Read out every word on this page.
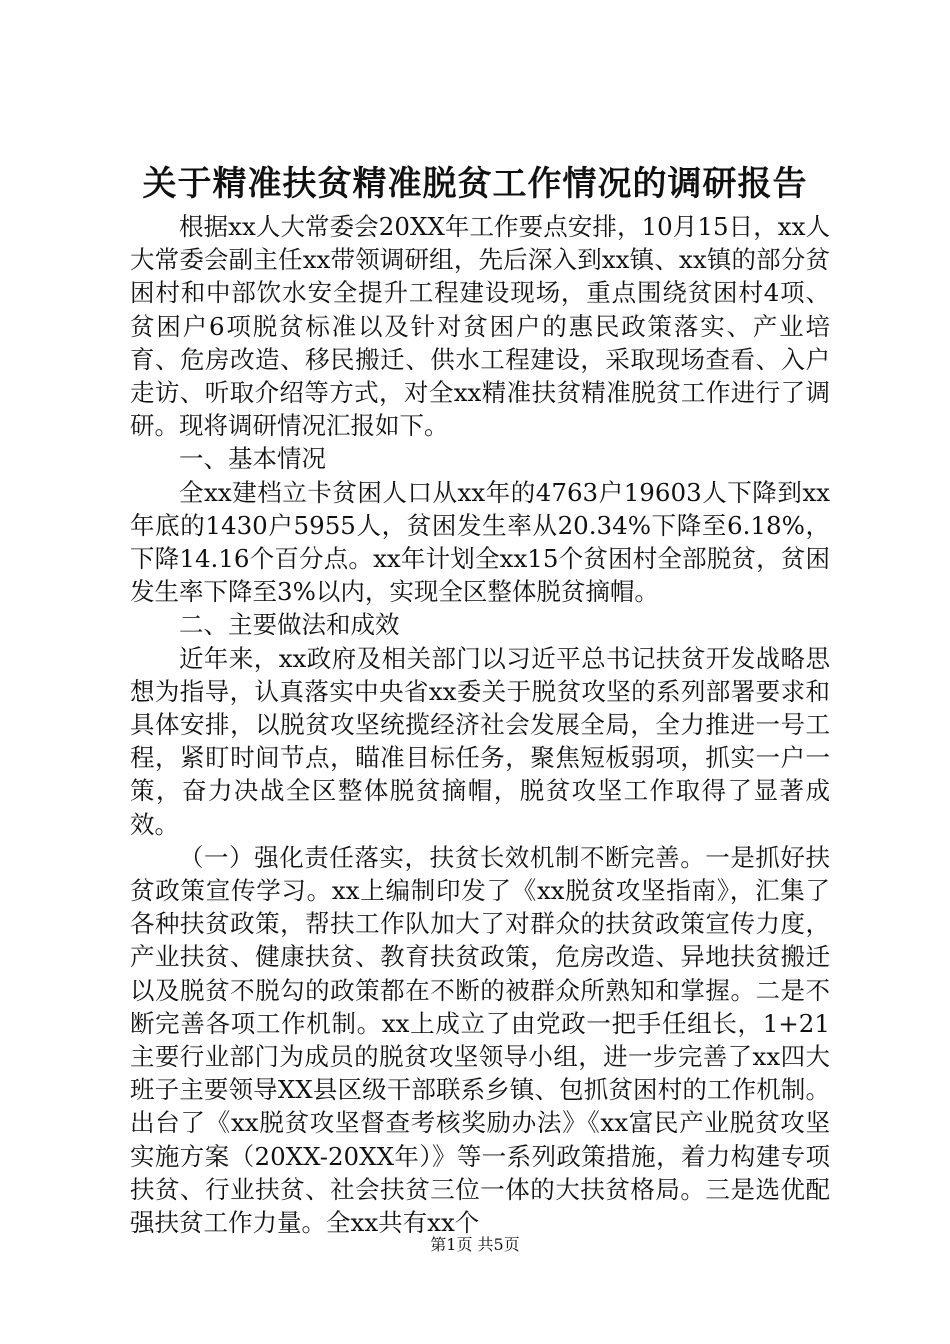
关于精准扶贫精准脱贫工作情况的调研报告

根据xx人大常委会20XX年工作要点安排，10月15日，xx人大常委会副主任xx带领调研组，先后深入到xx镇、xx镇的部分贫困村和中部饮水安全提升工程建设现场，重点围绕贫困村4项、贫困户6项脱贫标准以及针对贫困户的惠民政策落实、产业培育、危房改造、移民搬迁、供水工程建设，采取现场查看、入户走访、听取介绍等方式，对全xx精准扶贫精准脱贫工作进行了调研。现将调研情况汇报如下。

一、基本情况

全xx建档立卡贫困人口从xx年的4763户19603人下降到xx年底的1430户5955人，贫困发生率从20.34%下降至6.18%，下降14.16个百分点。xx年计划全xx15个贫困村全部脱贫，贫困发生率下降至3%以内，实现全区整体脱贫摘帽。

二、主要做法和成效

近年来，xx政府及相关部门以习近平总书记扶贫开发战略思想为指导，认真落实中央省xx委关于脱贫攻坚的系列部署要求和具体安排，以脱贫攻坚统揽经济社会发展全局，全力推进一号工程，紧盯时间节点，瞄准目标任务，聚焦短板弱项，抓实一户一策，奋力决战全区整体脱贫摘帽，脱贫攻坚工作取得了显著成效。

（一）强化责任落实，扶贫长效机制不断完善。一是抓好扶贫政策宣传学习。xx上编制印发了《xx脱贫攻坚指南》，汇集了各种扶贫政策，帮扶工作队加大了对群众的扶贫政策宣传力度，产业扶贫、健康扶贫、教育扶贫政策，危房改造、异地扶贫搬迁以及脱贫不脱勾的政策都在不断的被群众所熟知和掌握。二是不断完善各项工作机制。xx上成立了由党政一把手任组长，1+21主要行业部门为成员的脱贫攻坚领导小组，进一步完善了xx四大班子主要领导XX县区级干部联系乡镇、包抓贫困村的工作机制。出台了《xx脱贫攻坚督查考核奖励办法》《xx富民产业脱贫攻坚实施方案（20XX-20XX年）》等一系列政策措施，着力构建专项扶贫、行业扶贫、社会扶贫三位一体的大扶贫格局。三是选优配强扶贫工作力量。全xx共有xx个

第1页 共5页
